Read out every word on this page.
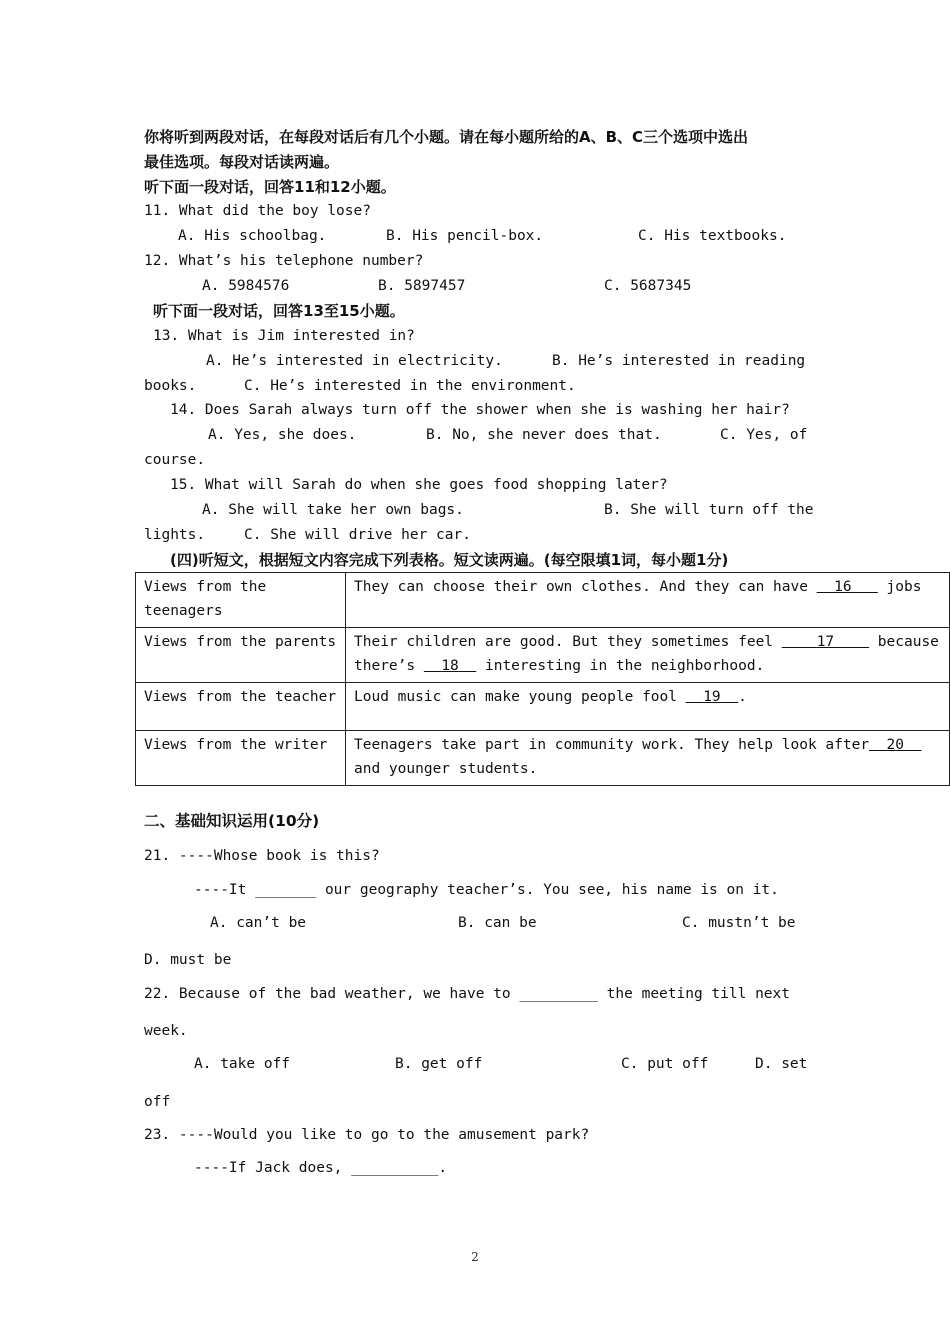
你将听到两段对话，在每段对话后有几个小题。请在每小题所给的A、B、C三个选项中选出
最佳选项。每段对话读两遍。
听下面一段对话，回答11和12小题。
11. What did the boy lose?
A. His schoolbag.	B. His pencil-box.	C. His textbooks.
12. What’s his telephone number?
A. 5984576	B. 5897457	C. 5687345
听下面一段对话，回答13至15小题。
13. What is Jim interested in?
A. He’s interested in electricity.	B. He’s interested in reading
books.	C. He’s interested in the environment.
14. Does Sarah always turn off the shower when she is washing her hair?
A. Yes, she does.	B. No, she never does that.	C. Yes, of
course.
15. What will Sarah do when she goes food shopping later?
A. She will take her own bags.	B. She will turn off the
lights.	C. She will drive her car.
(四)听短文，根据短文内容完成下列表格。短文读两遍。(每空限填1词，每小题1分)
Views from the teenagers	They can choose their own clothes. And they can have   16    jobs
Views from the parents	Their children are good. But they sometimes feel     17     because there’s   18   interesting in the neighborhood.
Views from the teacher	Loud music can make young people fool   19 .
Views from the writer	Teenagers take part in community work. They help look after 20   and younger students.
二、基础知识运用(10分)
21. ----Whose book is this?
----It _______ our geography teacher’s. You see, his name is on it.
A. can’t be	B. can be	C. mustn’t be
D. must be
22. Because of the bad weather, we have to _________ the meeting till next
week.
A. take off	B. get off	C. put off	D. set
off
23. ----Would you like to go to the amusement park?
----If Jack does, __________.
2
